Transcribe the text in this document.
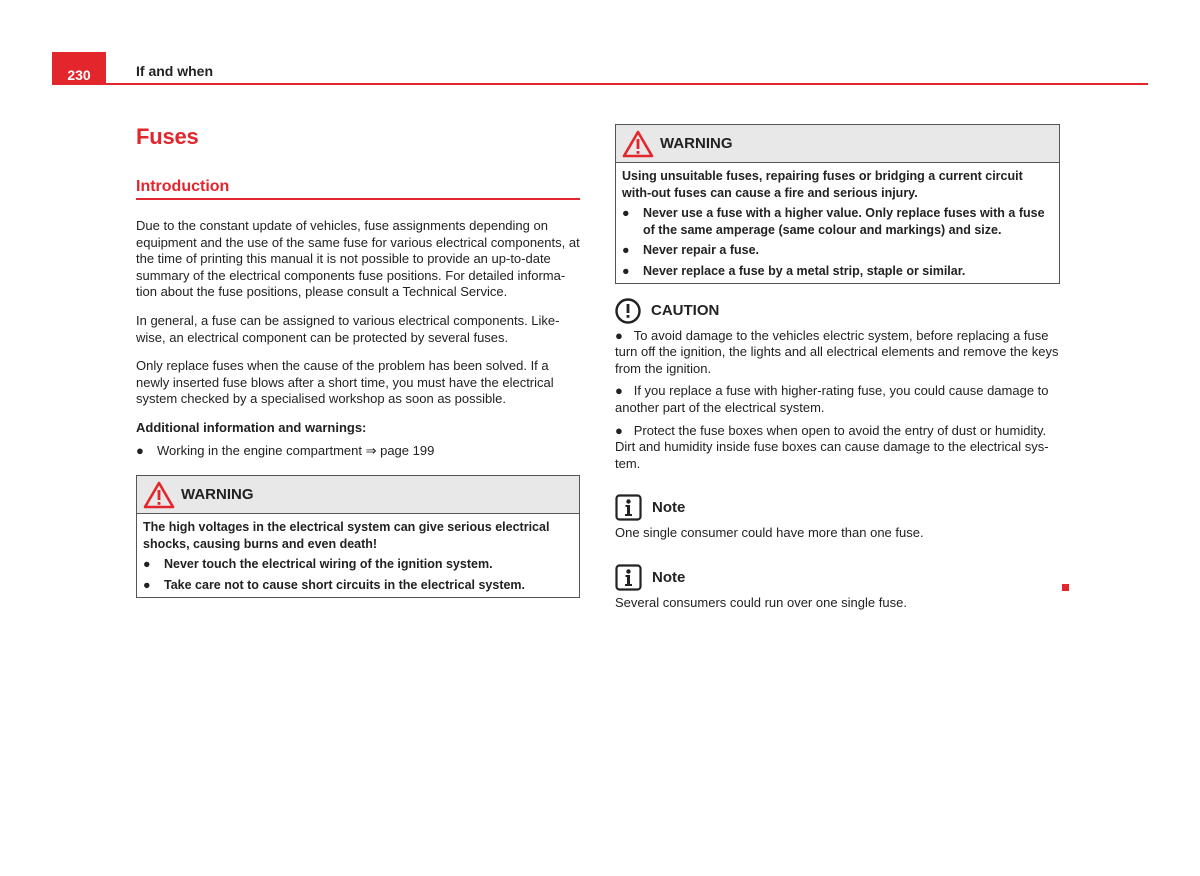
230	If and when
Fuses
Introduction

Due to the constant update of vehicles, fuse assignments depending on equipment and the use of the same fuse for various electrical components, at the time of printing this manual it is not possible to provide an up-to-date summary of the electrical components fuse positions. For detailed informa-tion about the fuse positions, please consult a Technical Service.

In general, a fuse can be assigned to various electrical components. Like-wise, an electrical component can be protected by several fuses.

Only replace fuses when the cause of the problem has been solved. If a newly inserted fuse blows after a short time, you must have the electrical system checked by a specialised workshop as soon as possible.

Additional information and warnings:

●	Working in the engine compartment ⇒ page 199
WARNING
The high voltages in the electrical system can give serious electrical shocks, causing burns and even death!
●	Never touch the electrical wiring of the ignition system.
●	Take care not to cause short circuits in the electrical system.
WARNING
Using unsuitable fuses, repairing fuses or bridging a current circuit with-out fuses can cause a fire and serious injury.
●	Never use a fuse with a higher value. Only replace fuses with a fuse of the same amperage (same colour and markings) and size.
●	Never repair a fuse.
●	Never replace a fuse by a metal strip, staple or similar.
CAUTION
● To avoid damage to the vehicles electric system, before replacing a fuse turn off the ignition, the lights and all electrical elements and remove the keys from the ignition.
● If you replace a fuse with higher-rating fuse, you could cause damage to another part of the electrical system.
● Protect the fuse boxes when open to avoid the entry of dust or humidity. Dirt and humidity inside fuse boxes can cause damage to the electrical sys-tem.
Note

One single consumer could have more than one fuse.

Note

Several consumers could run over one single fuse.
